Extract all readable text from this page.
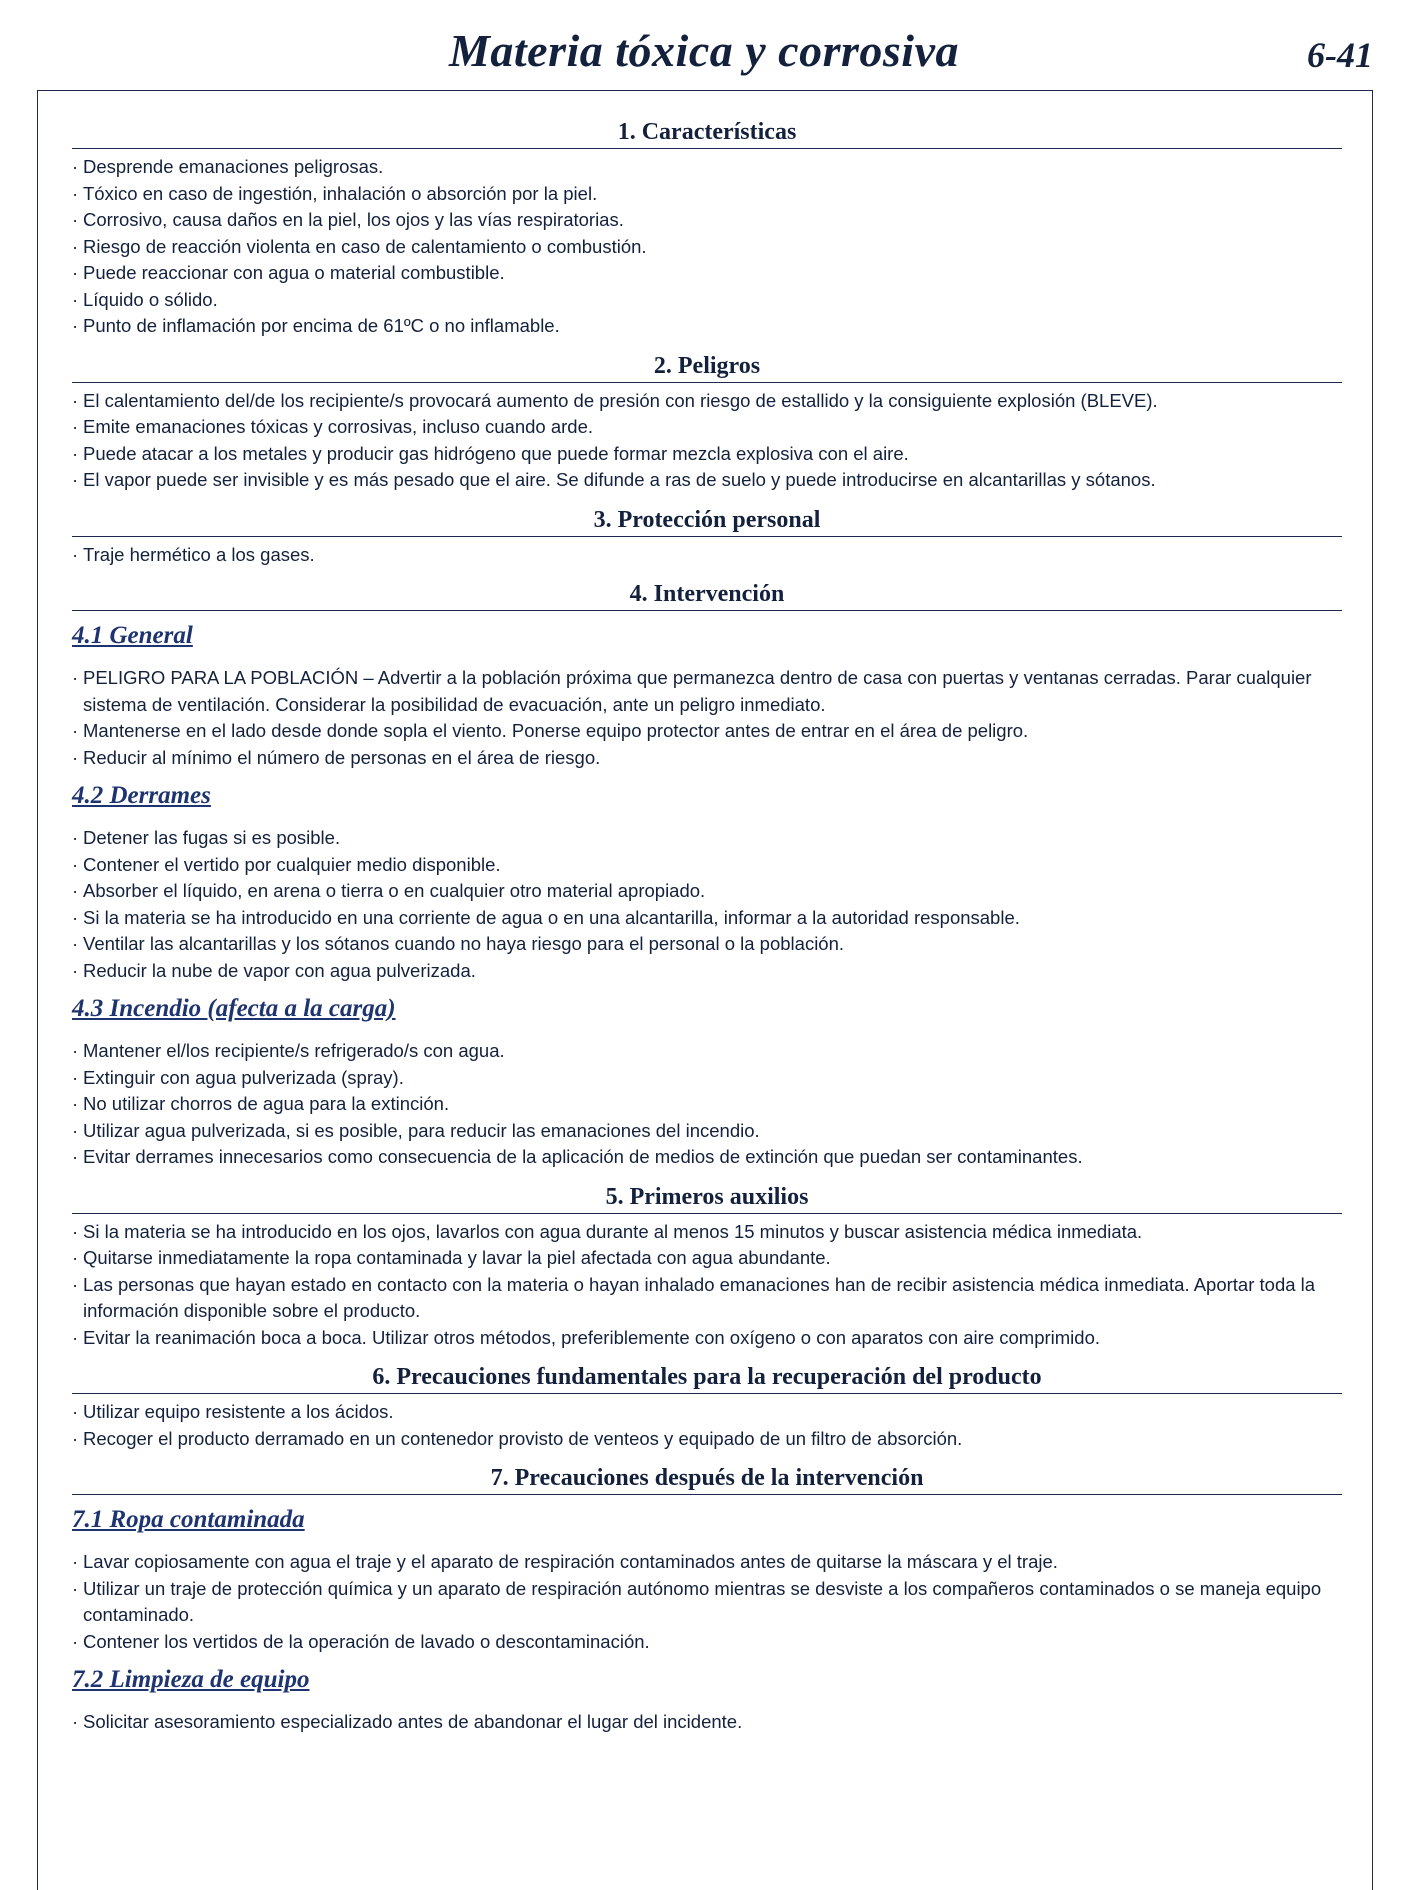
Materia tóxica y corrosiva	6-41
1. Características
· Desprende emanaciones peligrosas.
· Tóxico en caso de ingestión, inhalación o absorción por la piel.
· Corrosivo, causa daños en la piel, los ojos y las vías respiratorias.
· Riesgo de reacción violenta en caso de calentamiento o combustión.
· Puede reaccionar con agua o material combustible.
· Líquido o sólido.
· Punto de inflamación por encima de 61ºC o no inflamable.
2. Peligros
· El calentamiento del/de los recipiente/s provocará aumento de presión con riesgo de estallido y la consiguiente explosión (BLEVE).
· Emite emanaciones tóxicas y corrosivas, incluso cuando arde.
· Puede atacar a los metales y producir gas hidrógeno que puede formar mezcla explosiva con el aire.
· El vapor puede ser invisible y es más pesado que el aire. Se difunde a ras de suelo y puede introducirse en alcantarillas y sótanos.
3. Protección personal
· Traje hermético a los gases.
4. Intervención
4.1 General
· PELIGRO PARA LA POBLACIÓN – Advertir a la población próxima que permanezca dentro de casa con puertas y ventanas cerradas. Parar cualquier sistema de ventilación. Considerar la posibilidad de evacuación, ante un peligro inmediato.
· Mantenerse en el lado desde donde sopla el viento. Ponerse equipo protector antes de entrar en el área de peligro.
· Reducir al mínimo el número de personas en el área de riesgo.
4.2 Derrames
· Detener las fugas si es posible.
· Contener el vertido por cualquier medio disponible.
· Absorber el líquido, en arena o tierra o en cualquier otro material apropiado.
· Si la materia se ha introducido en una corriente de agua o en una alcantarilla, informar a la autoridad responsable.
· Ventilar las alcantarillas y los sótanos cuando no haya riesgo para el personal o la población.
· Reducir la nube de vapor con agua pulverizada.
4.3 Incendio (afecta a la carga)
· Mantener el/los recipiente/s refrigerado/s con agua.
· Extinguir con agua pulverizada (spray).
· No utilizar chorros de agua para la extinción.
· Utilizar agua pulverizada, si es posible, para reducir las emanaciones del incendio.
· Evitar derrames innecesarios como consecuencia de la aplicación de medios de extinción que puedan ser contaminantes.
5. Primeros auxilios
· Si la materia se ha introducido en los ojos, lavarlos con agua durante al menos 15 minutos y buscar asistencia médica inmediata.
· Quitarse inmediatamente la ropa contaminada y lavar la piel afectada con agua abundante.
· Las personas que hayan estado en contacto con la materia o hayan inhalado emanaciones han de recibir asistencia médica inmediata. Aportar toda la información disponible sobre el producto.
· Evitar la reanimación boca a boca. Utilizar otros métodos, preferiblemente con oxígeno o con aparatos con aire comprimido.
6. Precauciones fundamentales para la recuperación del producto
· Utilizar equipo resistente a los ácidos.
· Recoger el producto derramado en un contenedor provisto de venteos y equipado de un filtro de absorción.
7. Precauciones después de la intervención
7.1 Ropa contaminada
· Lavar copiosamente con agua el traje y el aparato de respiración contaminados antes de quitarse la máscara y el traje.
· Utilizar un traje de protección química y un aparato de respiración autónomo mientras se desviste a los compañeros contaminados o se maneja equipo contaminado.
· Contener los vertidos de la operación de lavado o descontaminación.
7.2 Limpieza de equipo
· Solicitar asesoramiento especializado antes de abandonar el lugar del incidente.
